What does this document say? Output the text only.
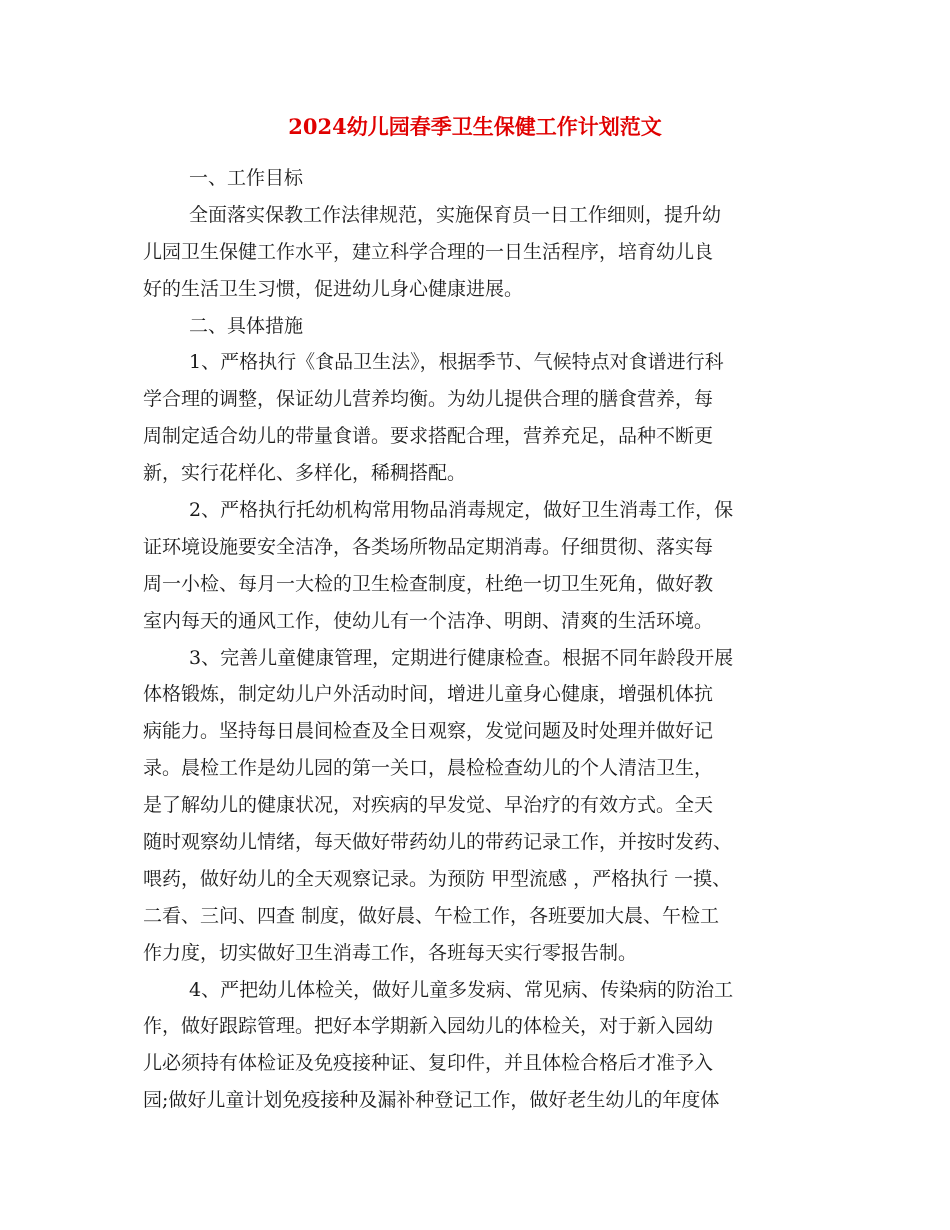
2024幼儿园春季卫生保健工作计划范文
一、工作目标
全面落实保教工作法律规范，实施保育员一日工作细则，提升幼
儿园卫生保健工作水平，建立科学合理的一日生活程序，培育幼儿良
好的生活卫生习惯，促进幼儿身心健康进展。
二、具体措施
1、严格执行《食品卫生法》，根据季节、气候特点对食谱进行科
学合理的调整，保证幼儿营养均衡。为幼儿提供合理的膳食营养，每
周制定适合幼儿的带量食谱。要求搭配合理，营养充足，品种不断更
新，实行花样化、多样化，稀稠搭配。
2、严格执行托幼机构常用物品消毒规定，做好卫生消毒工作，保
证环境设施要安全洁净，各类场所物品定期消毒。仔细贯彻、落实每
周一小检、每月一大检的卫生检查制度，杜绝一切卫生死角，做好教
室内每天的通风工作，使幼儿有一个洁净、明朗、清爽的生活环境。
3、完善儿童健康管理，定期进行健康检查。根据不同年龄段开展
体格锻炼，制定幼儿户外活动时间，增进儿童身心健康，增强机体抗
病能力。坚持每日晨间检查及全日观察，发觉问题及时处理并做好记
录。晨检工作是幼儿园的第一关口，晨检检查幼儿的个人清洁卫生，
是了解幼儿的健康状况，对疾病的早发觉、早治疗的有效方式。全天
随时观察幼儿情绪，每天做好带药幼儿的带药记录工作，并按时发药、
喂药，做好幼儿的全天观察记录。为预防 甲型流感 ，严格执行 一摸、
二看、三问、四查 制度，做好晨、午检工作，各班要加大晨、午检工
作力度，切实做好卫生消毒工作，各班每天实行零报告制。
4、严把幼儿体检关，做好儿童多发病、常见病、传染病的防治工
作，做好跟踪管理。把好本学期新入园幼儿的体检关，对于新入园幼
儿必须持有体检证及免疫接种证、复印件，并且体检合格后才准予入
园;做好儿童计划免疫接种及漏补种登记工作，做好老生幼儿的年度体
